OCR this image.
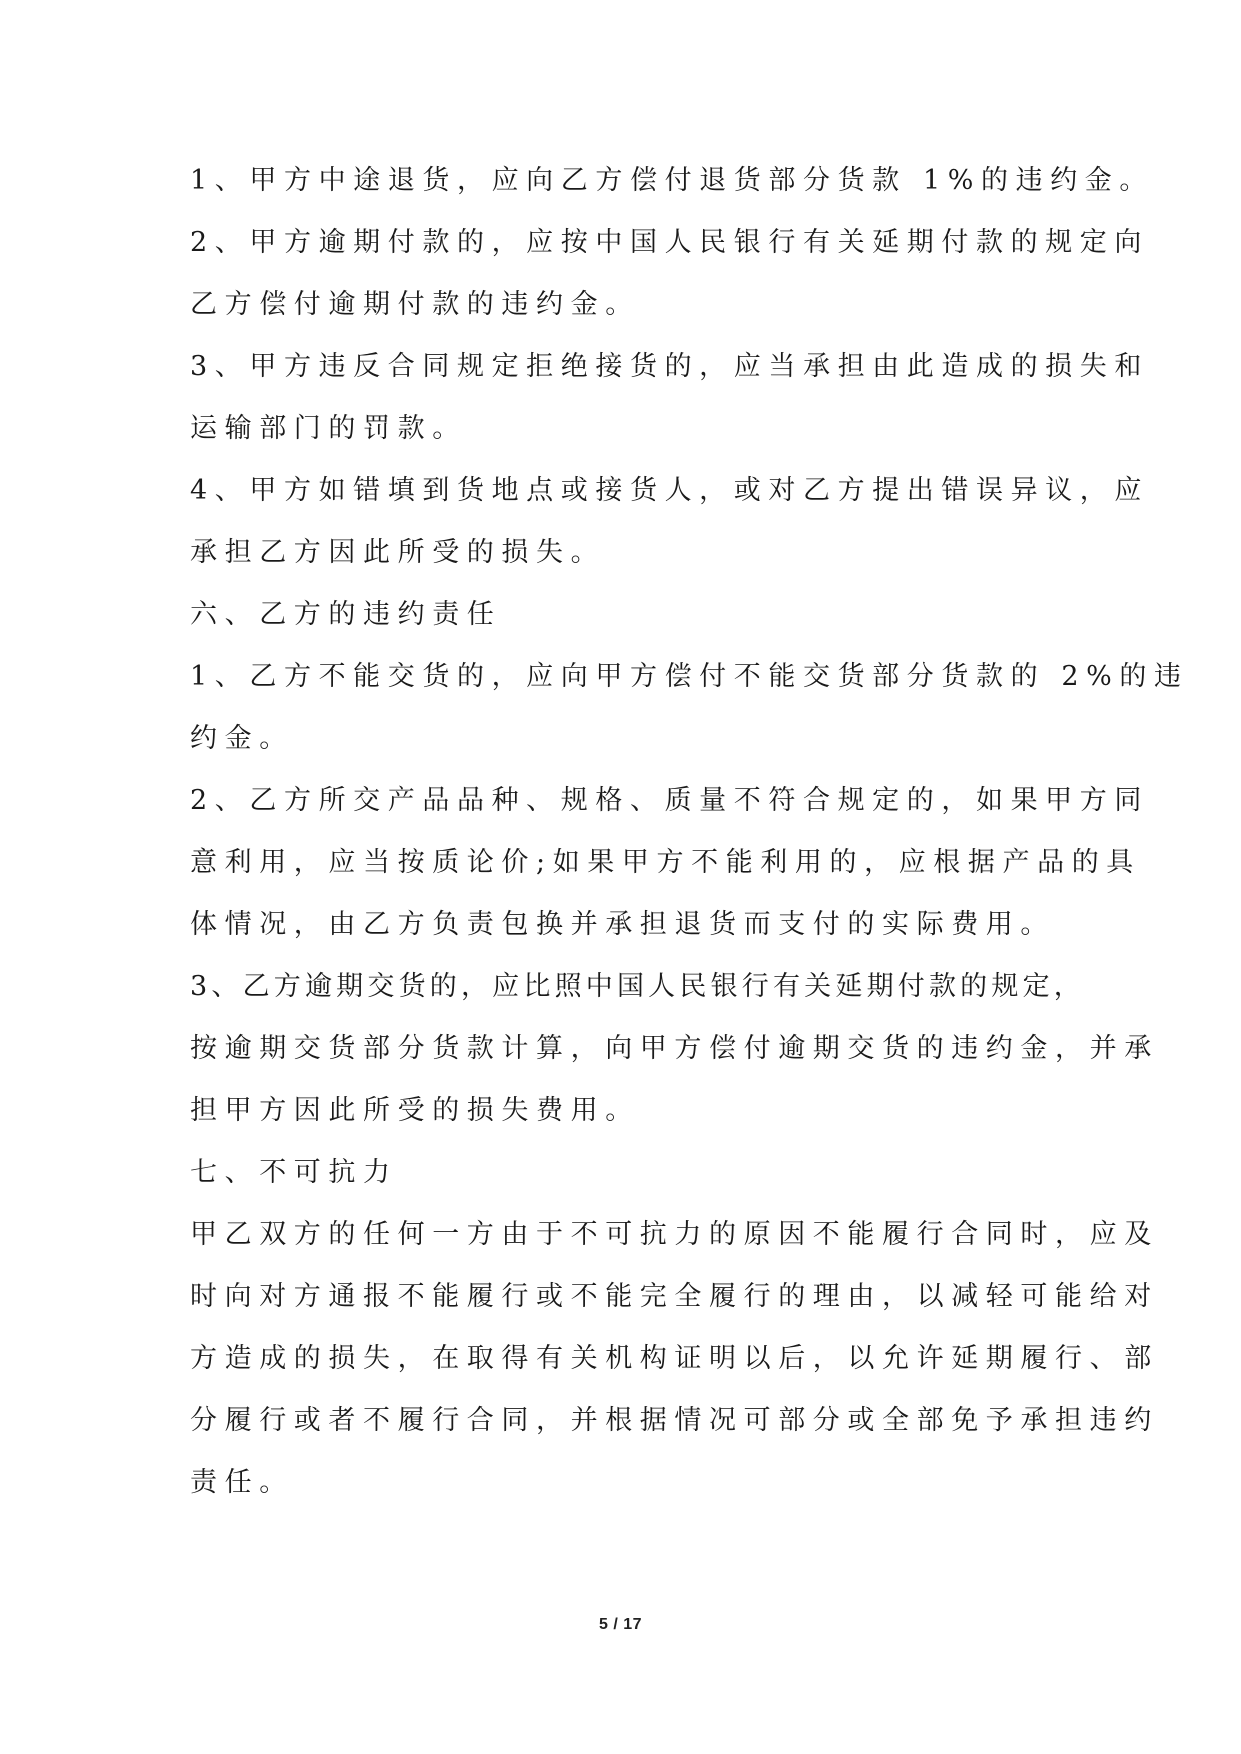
1、甲方中途退货，应向乙方偿付退货部分货款 1%的违约金。
2、甲方逾期付款的，应按中国人民银行有关延期付款的规定向
乙方偿付逾期付款的违约金。
3、甲方违反合同规定拒绝接货的，应当承担由此造成的损失和
运输部门的罚款。
4、甲方如错填到货地点或接货人，或对乙方提出错误异议，应
承担乙方因此所受的损失。
六、乙方的违约责任
1、乙方不能交货的，应向甲方偿付不能交货部分货款的 2%的违
约金。
2、乙方所交产品品种、规格、质量不符合规定的，如果甲方同
意利用，应当按质论价;如果甲方不能利用的，应根据产品的具
体情况，由乙方负责包换并承担退货而支付的实际费用。
3、乙方逾期交货的，应比照中国人民银行有关延期付款的规定，
按逾期交货部分货款计算，向甲方偿付逾期交货的违约金，并承
担甲方因此所受的损失费用。
七、不可抗力
甲乙双方的任何一方由于不可抗力的原因不能履行合同时，应及
时向对方通报不能履行或不能完全履行的理由，以减轻可能给对
方造成的损失，在取得有关机构证明以后，以允许延期履行、部
分履行或者不履行合同，并根据情况可部分或全部免予承担违约
责任。
5 / 17
